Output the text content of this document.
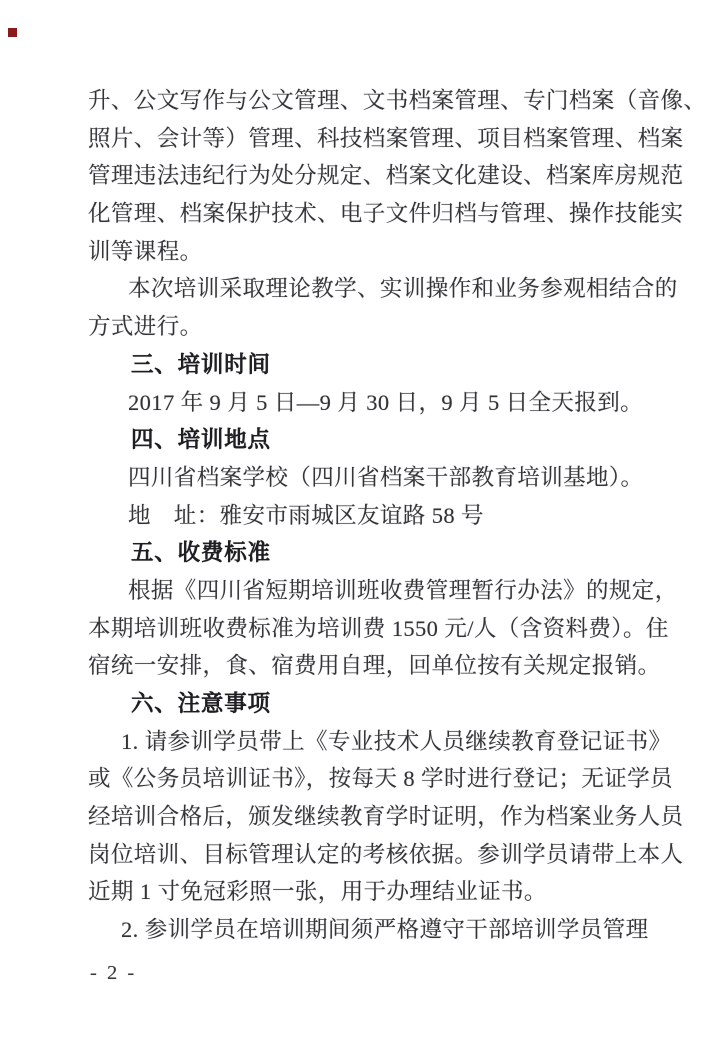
升、公文写作与公文管理、文书档案管理、专门档案（音像、
照片、会计等）管理、科技档案管理、项目档案管理、档案
管理违法违纪行为处分规定、档案文化建设、档案库房规范
化管理、档案保护技术、电子文件归档与管理、操作技能实
训等课程。
本次培训采取理论教学、实训操作和业务参观相结合的
方式进行。
三、培训时间
2017 年 9 月 5 日—9 月 30 日，9 月 5 日全天报到。
四、培训地点
四川省档案学校（四川省档案干部教育培训基地）。
地　址：雅安市雨城区友谊路 58 号
五、收费标准
根据《四川省短期培训班收费管理暂行办法》的规定，
本期培训班收费标准为培训费 1550 元/人（含资料费）。住
宿统一安排，食、宿费用自理，回单位按有关规定报销。
六、注意事项
1. 请参训学员带上《专业技术人员继续教育登记证书》
或《公务员培训证书》，按每天 8 学时进行登记；无证学员
经培训合格后，颁发继续教育学时证明，作为档案业务人员
岗位培训、目标管理认定的考核依据。参训学员请带上本人
近期 1 寸免冠彩照一张，用于办理结业证书。
2. 参训学员在培训期间须严格遵守干部培训学员管理
- 2 -
